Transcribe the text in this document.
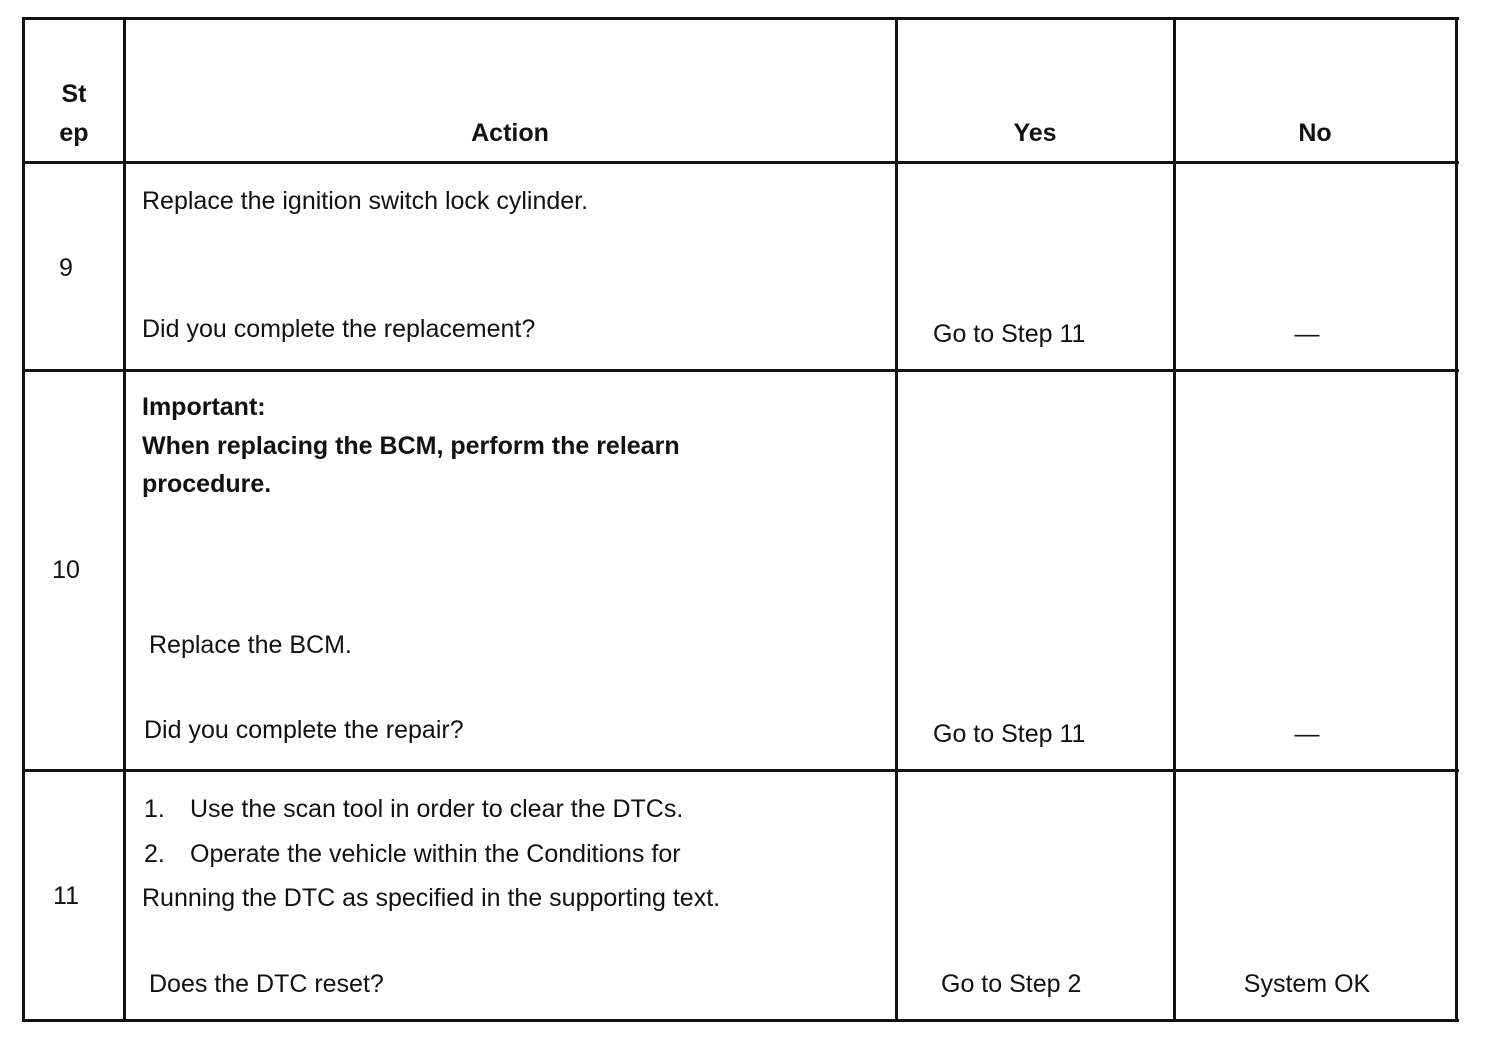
St
ep	Action	Yes	No
9
Replace the ignition switch lock cylinder.
Did you complete the replacement?	Go to Step 11	—
10
Important:
When replacing the BCM, perform the relearn
procedure.
Replace the BCM.
Did you complete the repair?	Go to Step 11	—
11
1. Use the scan tool in order to clear the DTCs.
2. Operate the vehicle within the Conditions for
Running the DTC as specified in the supporting text.
Does the DTC reset?	Go to Step 2	System OK
